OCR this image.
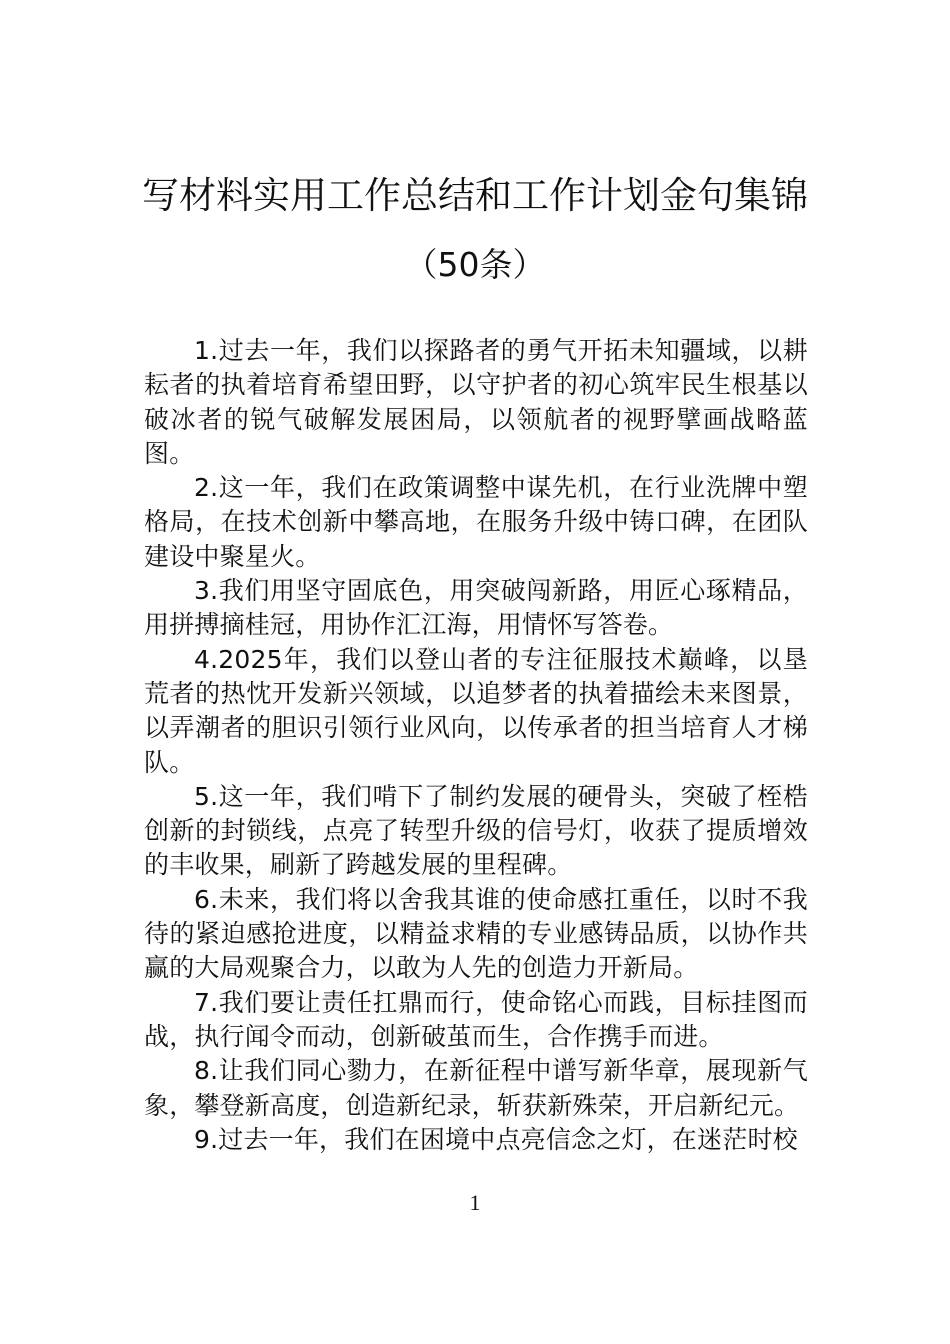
写材料实用工作总结和工作计划金句集锦
（50条）

1.过去一年，我们以探路者的勇气开拓未知疆域，以耕耘者的执着培育希望田野，以守护者的初心筑牢民生根基以破冰者的锐气破解发展困局，以领航者的视野擘画战略蓝图。

2.这一年，我们在政策调整中谋先机，在行业洗牌中塑格局，在技术创新中攀高地，在服务升级中铸口碑，在团队建设中聚星火。

3.我们用坚守固底色，用突破闯新路，用匠心琢精品，用拼搏摘桂冠，用协作汇江海，用情怀写答卷。

4.2025年，我们以登山者的专注征服技术巅峰，以垦荒者的热忱开发新兴领域，以追梦者的执着描绘未来图景，以弄潮者的胆识引领行业风向，以传承者的担当培育人才梯队。

5.这一年，我们啃下了制约发展的硬骨头，突破了桎梏创新的封锁线，点亮了转型升级的信号灯，收获了提质增效的丰收果，刷新了跨越发展的里程碑。

6.未来，我们将以舍我其谁的使命感扛重任，以时不我待的紧迫感抢进度，以精益求精的专业感铸品质，以协作共赢的大局观聚合力，以敢为人先的创造力开新局。

7.我们要让责任扛鼎而行，使命铭心而践，目标挂图而战，执行闻令而动，创新破茧而生，合作携手而进。

8.让我们同心勠力，在新征程中谱写新华章，展现新气象，攀登新高度，创造新纪录，斩获新殊荣，开启新纪元。

9.过去一年，我们在困境中点亮信念之灯，在迷茫时校

1
